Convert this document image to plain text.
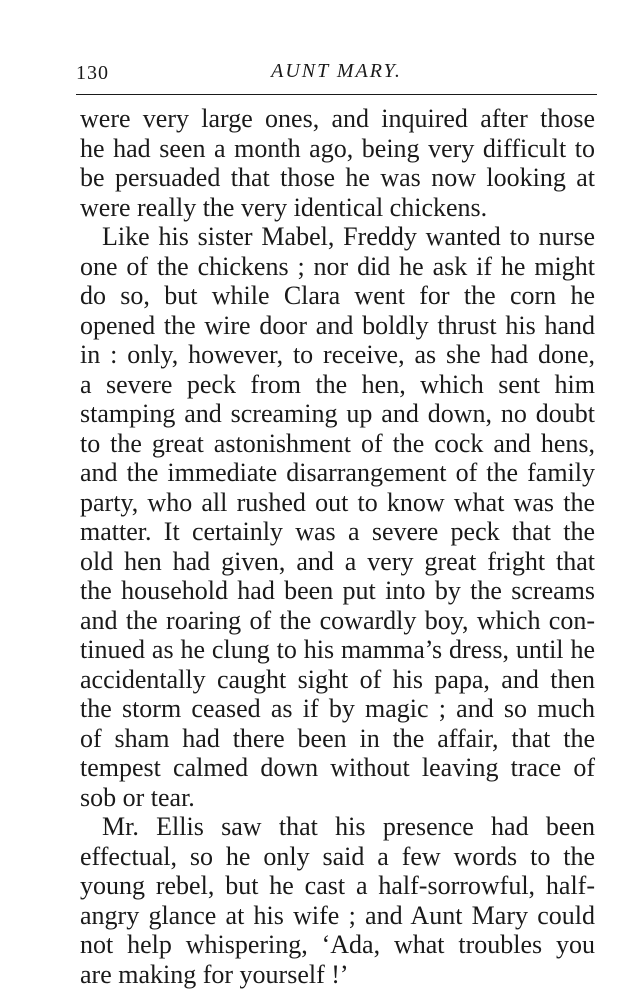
130	AUNT MARY.
were very large ones, and inquired after those
he had seen a month ago, being very difficult to
be persuaded that those he was now looking at
were really the very identical chickens.
Like his sister Mabel, Freddy wanted to nurse
one of the chickens ; nor did he ask if he might
do so, but while Clara went for the corn he
opened the wire door and boldly thrust his hand
in : only, however, to receive, as she had done,
a severe peck from the hen, which sent him
stamping and screaming up and down, no doubt
to the great astonishment of the cock and hens,
and the immediate disarrangement of the family
party, who all rushed out to know what was the
matter. It certainly was a severe peck that the
old hen had given, and a very great fright that
the household had been put into by the screams
and the roaring of the cowardly boy, which con-
tinued as he clung to his mamma’s dress, until he
accidentally caught sight of his papa, and then
the storm ceased as if by magic ; and so much
of sham had there been in the affair, that the
tempest calmed down without leaving trace of
sob or tear.
Mr. Ellis saw that his presence had been
effectual, so he only said a few words to the
young rebel, but he cast a half-sorrowful, half-
angry glance at his wife ; and Aunt Mary could
not help whispering, ‘Ada, what troubles you
are making for yourself !’
